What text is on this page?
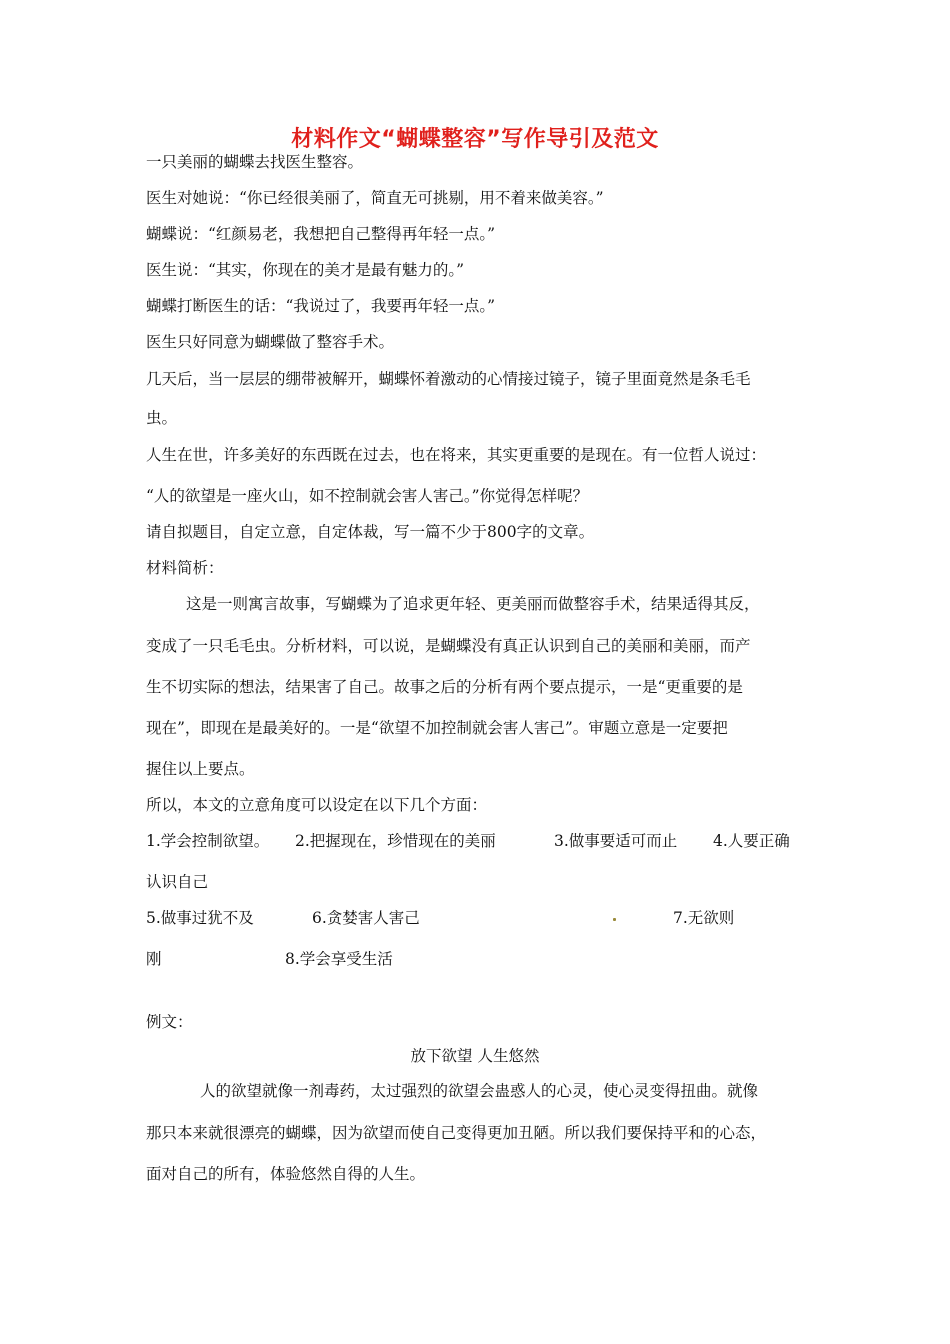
材料作文“蝴蝶整容”写作导引及范文
一只美丽的蝴蝶去找医生整容。
医生对她说：“你已经很美丽了，简直无可挑剔，用不着来做美容。”
蝴蝶说：“红颜易老，我想把自己整得再年轻一点。”
医生说：“其实，你现在的美才是最有魅力的。”
蝴蝶打断医生的话：“我说过了，我要再年轻一点。”
医生只好同意为蝴蝶做了整容手术。
几天后，当一层层的绷带被解开，蝴蝶怀着激动的心情接过镜子，镜子里面竟然是条毛毛
虫。
人生在世，许多美好的东西既在过去，也在将来，其实更重要的是现在。有一位哲人说过：
“人的欲望是一座火山，如不控制就会害人害己。”你觉得怎样呢？
请自拟题目，自定立意，自定体裁，写一篇不少于800字的文章。
材料简析：
这是一则寓言故事，写蝴蝶为了追求更年轻、更美丽而做整容手术，结果适得其反，
变成了一只毛毛虫。分析材料，可以说，是蝴蝶没有真正认识到自己的美丽和美丽，而产
生不切实际的想法，结果害了自己。故事之后的分析有两个要点提示，一是“更重要的是
现在”，即现在是最美好的。一是“欲望不加控制就会害人害己”。审题立意是一定要把
握住以上要点。
所以，本文的立意角度可以设定在以下几个方面：
1.学会控制欲望。 2.把握现在，珍惜现在的美丽	3.做事要适可而止 4.人要正确
认识自己
5.做事过犹不及	6.贪婪害人害己	7.无欲则
刚	8.学会享受生活
例文：
放下欲望 人生悠然
人的欲望就像一剂毒药，太过强烈的欲望会蛊惑人的心灵，使心灵变得扭曲。就像
那只本来就很漂亮的蝴蝶，因为欲望而使自己变得更加丑陋。所以我们要保持平和的心态，
面对自己的所有，体验悠然自得的人生。
